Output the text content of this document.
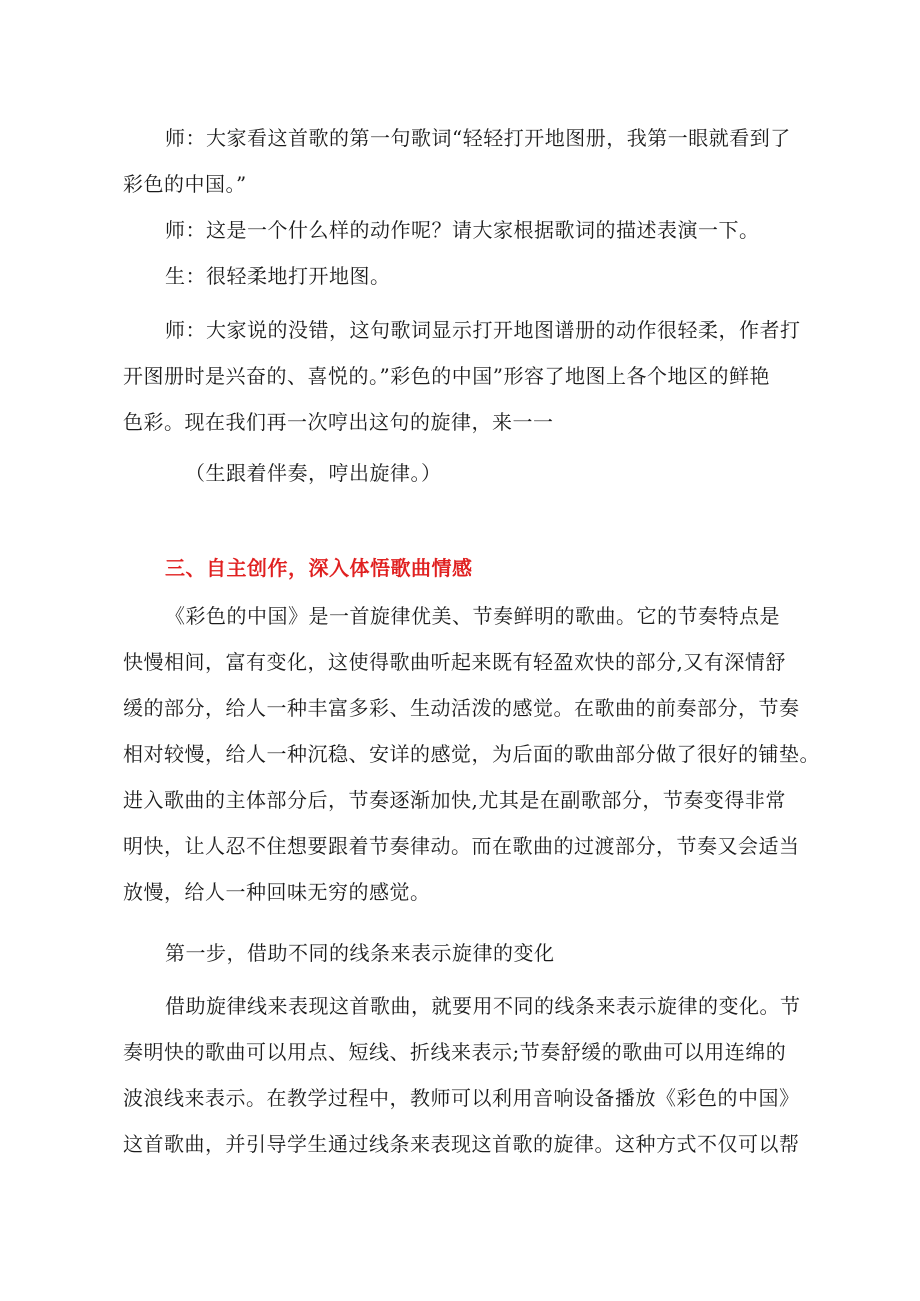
师：大家看这首歌的第一句歌词“轻轻打开地图册，我第一眼就看到了
彩色的中国。”

师：这是一个什么样的动作呢？请大家根据歌词的描述表演一下。

生：很轻柔地打开地图。

师：大家说的没错，这句歌词显示打开地图谱册的动作很轻柔，作者打
开图册时是兴奋的、喜悦的。”彩色的中国”形容了地图上各个地区的鲜艳
色彩。现在我们再一次哼出这句的旋律，来一一

（生跟着伴奏，哼出旋律。）

三、自主创作，深入体悟歌曲情感

《彩色的中国》是一首旋律优美、节奏鲜明的歌曲。它的节奏特点是
快慢相间，富有变化，这使得歌曲听起来既有轻盈欢快的部分,又有深情舒
缓的部分，给人一种丰富多彩、生动活泼的感觉。在歌曲的前奏部分，节奏
相对较慢，给人一种沉稳、安详的感觉，为后面的歌曲部分做了很好的铺垫。
进入歌曲的主体部分后，节奏逐渐加快,尤其是在副歌部分，节奏变得非常
明快，让人忍不住想要跟着节奏律动。而在歌曲的过渡部分，节奏又会适当
放慢，给人一种回味无穷的感觉。

第一步，借助不同的线条来表示旋律的变化

借助旋律线来表现这首歌曲，就要用不同的线条来表示旋律的变化。节
奏明快的歌曲可以用点、短线、折线来表示;节奏舒缓的歌曲可以用连绵的
波浪线来表示。在教学过程中，教师可以利用音响设备播放《彩色的中国》
这首歌曲，并引导学生通过线条来表现这首歌的旋律。这种方式不仅可以帮
